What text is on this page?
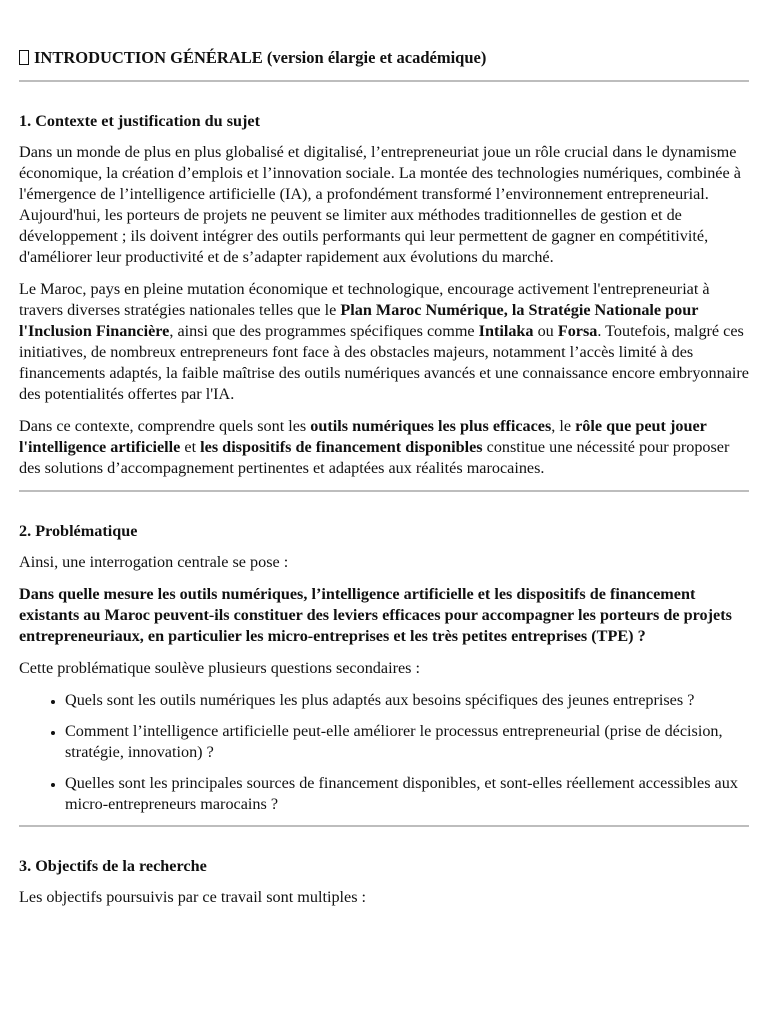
INTRODUCTION GÉNÉRALE (version élargie et académique)
1. Contexte et justification du sujet

Dans un monde de plus en plus globalisé et digitalisé, l’entrepreneuriat joue un rôle crucial dans le dynamisme économique, la création d’emplois et l’innovation sociale. La montée des technologies numériques, combinée à l'émergence de l’intelligence artificielle (IA), a profondément transformé l’environnement entrepreneurial. Aujourd'hui, les porteurs de projets ne peuvent se limiter aux méthodes traditionnelles de gestion et de développement ; ils doivent intégrer des outils performants qui leur permettent de gagner en compétitivité, d'améliorer leur productivité et de s’adapter rapidement aux évolutions du marché.

Le Maroc, pays en pleine mutation économique et technologique, encourage activement l'entrepreneuriat à travers diverses stratégies nationales telles que le Plan Maroc Numérique, la Stratégie Nationale pour l'Inclusion Financière, ainsi que des programmes spécifiques comme Intilaka ou Forsa. Toutefois, malgré ces initiatives, de nombreux entrepreneurs font face à des obstacles majeurs, notamment l’accès limité à des financements adaptés, la faible maîtrise des outils numériques avancés et une connaissance encore embryonnaire des potentialités offertes par l'IA.

Dans ce contexte, comprendre quels sont les outils numériques les plus efficaces, le rôle que peut jouer l'intelligence artificielle et les dispositifs de financement disponibles constitue une nécessité pour proposer des solutions d’accompagnement pertinentes et adaptées aux réalités marocaines.

2. Problématique

Ainsi, une interrogation centrale se pose :

Dans quelle mesure les outils numériques, l’intelligence artificielle et les dispositifs de financement existants au Maroc peuvent-ils constituer des leviers efficaces pour accompagner les porteurs de projets entrepreneuriaux, en particulier les micro-entreprises et les très petites entreprises (TPE) ?

Cette problématique soulève plusieurs questions secondaires :

• Quels sont les outils numériques les plus adaptés aux besoins spécifiques des jeunes entreprises ?
• Comment l’intelligence artificielle peut-elle améliorer le processus entrepreneurial (prise de décision, stratégie, innovation) ?
• Quelles sont les principales sources de financement disponibles, et sont-elles réellement accessibles aux micro-entrepreneurs marocains ?
3. Objectifs de la recherche

Les objectifs poursuivis par ce travail sont multiples :
